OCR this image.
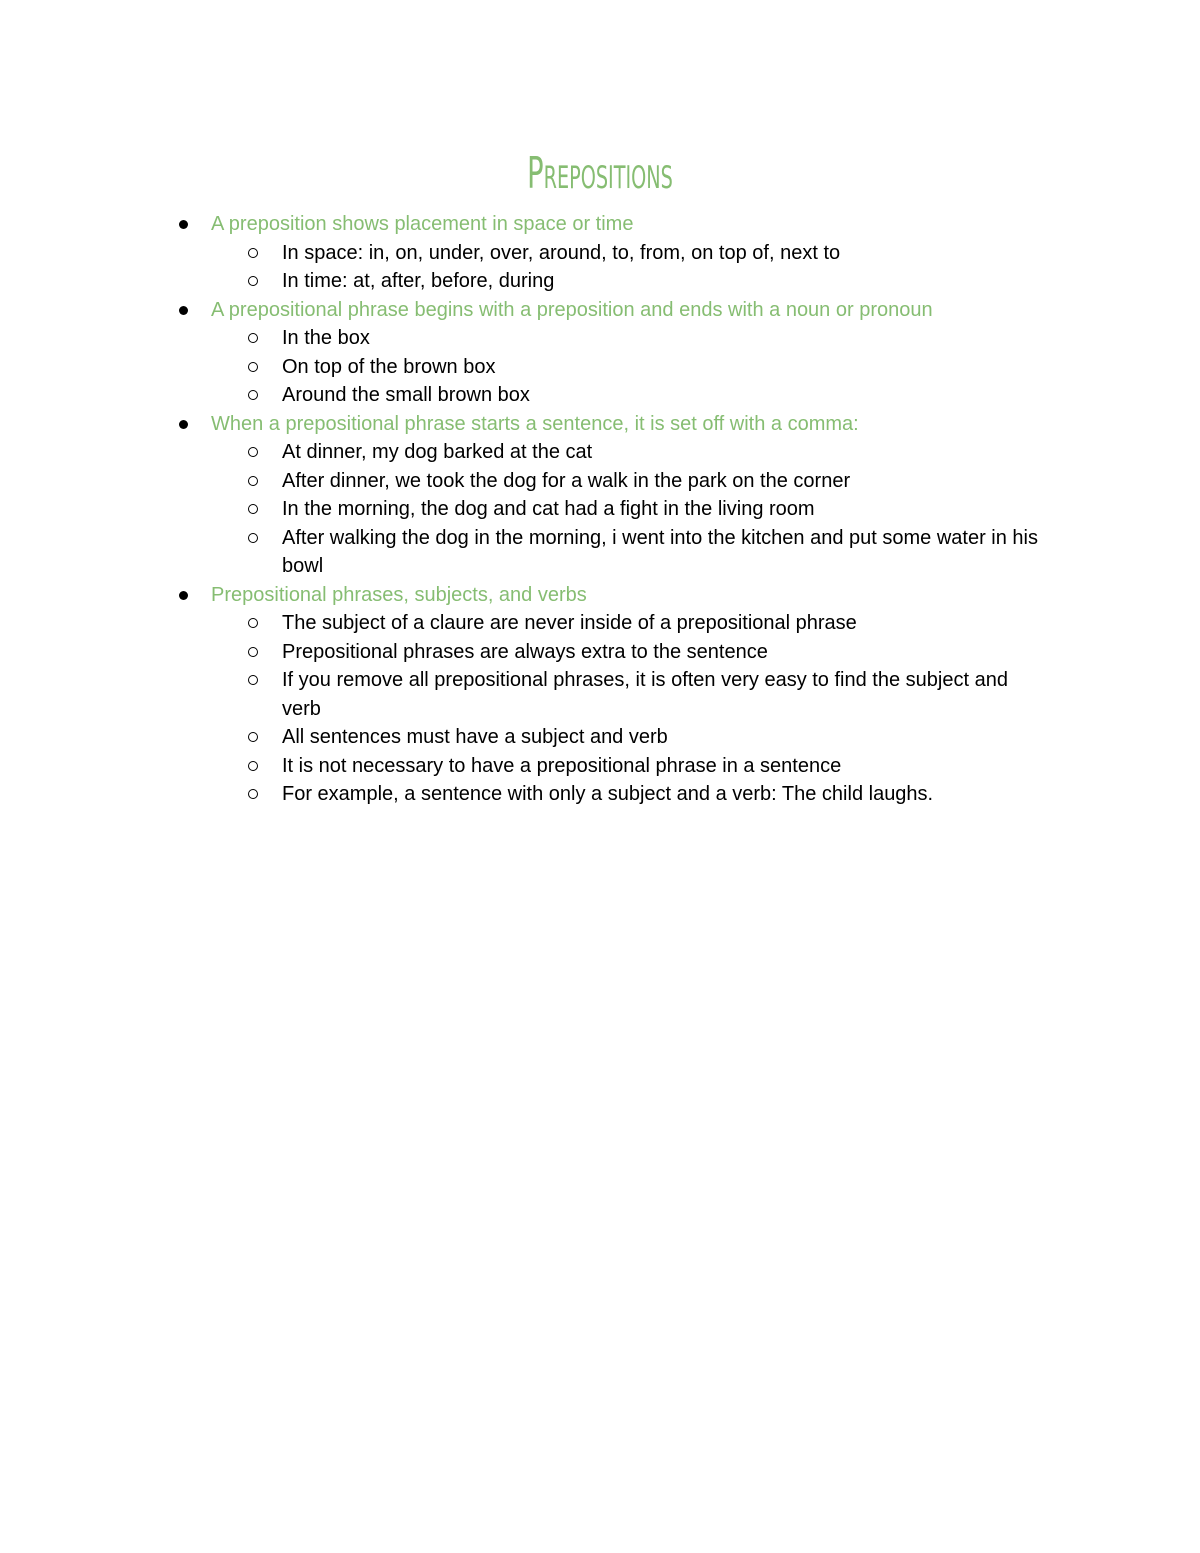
Prepositions
A preposition shows placement in space or time
In space: in, on, under, over, around, to, from, on top of, next to
In time: at, after, before, during
A prepositional phrase begins with a preposition and ends with a noun or pronoun
In the box
On top of the brown box
Around the small brown box
When a prepositional phrase starts a sentence, it is set off with a comma:
At dinner, my dog barked at the cat
After dinner, we took the dog for a walk in the park on the corner
In the morning, the dog and cat had a fight in the living room
After walking the dog in the morning, i went into the kitchen and put some water in his bowl
Prepositional phrases, subjects, and verbs
The subject of a claure are never inside of a prepositional phrase
Prepositional phrases are always extra to the sentence
If you remove all prepositional phrases, it is often very easy to find the subject and verb
All sentences must have a subject and verb
It is not necessary to have a prepositional phrase in a sentence
For example, a sentence with only a subject and a verb: The child laughs.
